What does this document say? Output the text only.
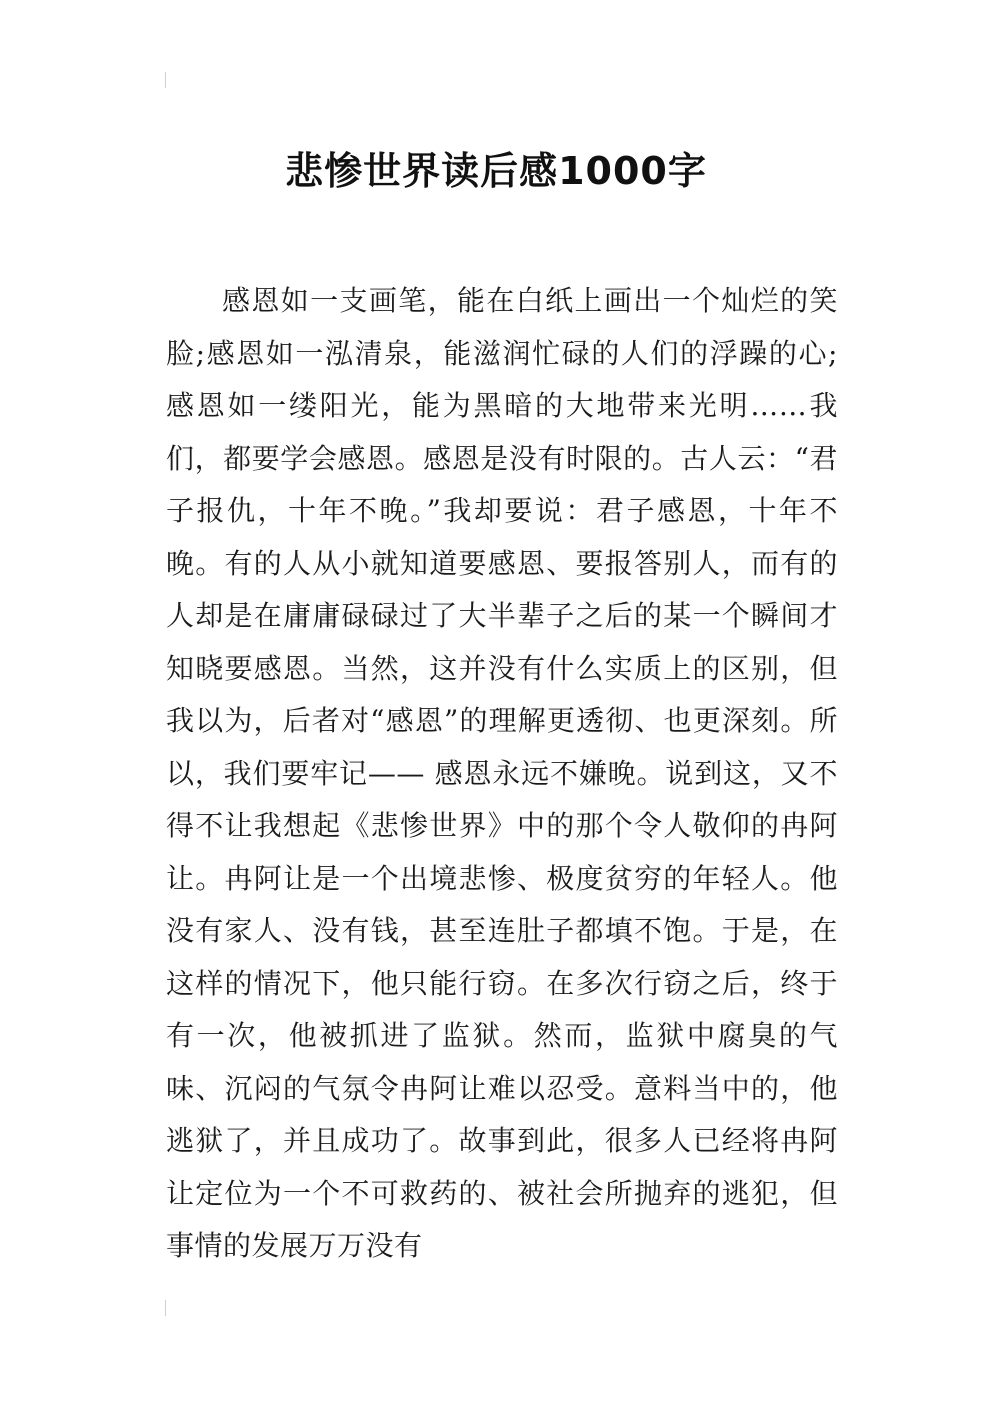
悲惨世界读后感1000字

感恩如一支画笔，能在白纸上画出一个灿烂的笑脸;感恩如一泓清泉，能滋润忙碌的人们的浮躁的心;感恩如一缕阳光，能为黑暗的大地带来光明……我们，都要学会感恩。感恩是没有时限的。古人云：“君子报仇，十年不晚。”我却要说：君子感恩，十年不晚。有的人从小就知道要感恩、要报答别人，而有的人却是在庸庸碌碌过了大半辈子之后的某一个瞬间才知晓要感恩。当然，这并没有什么实质上的区别，但我以为，后者对“感恩”的理解更透彻、也更深刻。所以，我们要牢记—— 感恩永远不嫌晚。说到这，又不得不让我想起《悲惨世界》中的那个令人敬仰的冉阿让。冉阿让是一个出境悲惨、极度贫穷的年轻人。他没有家人、没有钱，甚至连肚子都填不饱。于是，在这样的情况下，他只能行窃。在多次行窃之后，终于有一次，他被抓进了监狱。然而，监狱中腐臭的气味、沉闷的气氛令冉阿让难以忍受。意料当中的，他逃狱了，并且成功了。故事到此，很多人已经将冉阿让定位为一个不可救药的、被社会所抛弃的逃犯，但事情的发展万万没有
